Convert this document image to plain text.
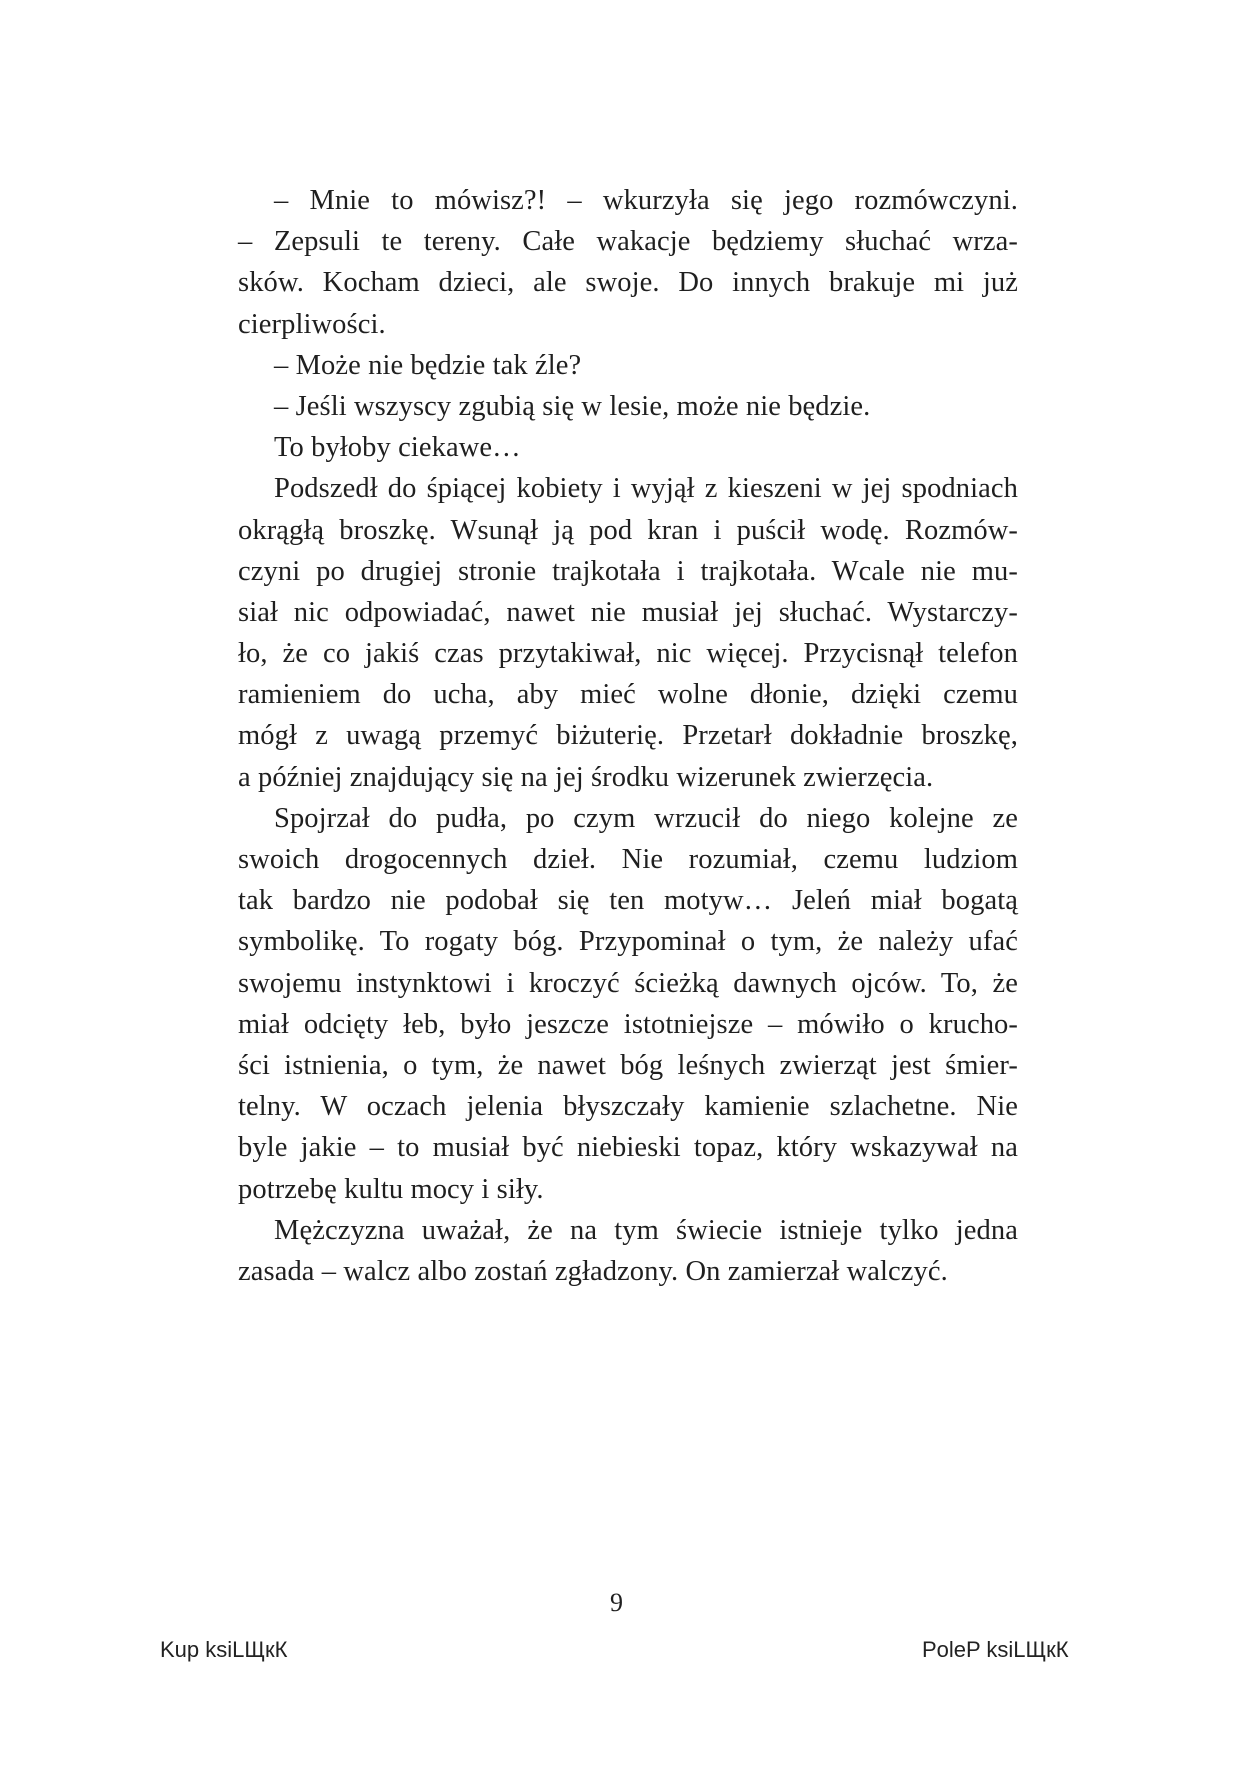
– Mnie to mówisz?! – wkurzyła się jego rozmówczyni.
– Zepsuli te tereny. Całe wakacje będziemy słuchać wrza-
sków. Kocham dzieci, ale swoje. Do innych brakuje mi już
cierpliwości.
– Może nie będzie tak źle?
– Jeśli wszyscy zgubią się w lesie, może nie będzie.
To byłoby ciekawe…
Podszedł do śpiącej kobiety i wyjął z kieszeni w jej spodniach
okrągłą broszkę. Wsunął ją pod kran i puścił wodę. Rozmów-
czyni po drugiej stronie trajkotała i trajkotała. Wcale nie mu-
siał nic odpowiadać, nawet nie musiał jej słuchać. Wystarczy-
ło, że co jakiś czas przytakiwał, nic więcej. Przycisnął telefon
ramieniem do ucha, aby mieć wolne dłonie, dzięki czemu
mógł z uwagą przemyć biżuterię. Przetarł dokładnie broszkę,
a później znajdujący się na jej środku wizerunek zwierzęcia.
Spojrzał do pudła, po czym wrzucił do niego kolejne ze
swoich drogocennych dzieł. Nie rozumiał, czemu ludziom
tak bardzo nie podobał się ten motyw… Jeleń miał bogatą
symbolikę. To rogaty bóg. Przypominał o tym, że należy ufać
swojemu instynktowi i kroczyć ścieżką dawnych ojców. To, że
miał odcięty łeb, było jeszcze istotniejsze – mówiło o krucho-
ści istnienia, o tym, że nawet bóg leśnych zwierząt jest śmier-
telny. W oczach jelenia błyszczały kamienie szlachetne. Nie
byle jakie – to musiał być niebieski topaz, który wskazywał na
potrzebę kultu mocy i siły.
Mężczyzna uważał, że na tym świecie istnieje tylko jedna
zasada – walcz albo zostań zgładzony. On zamierzał walczyć.
9
Kup ksiLЩкК	PoleP ksiLЩкК
